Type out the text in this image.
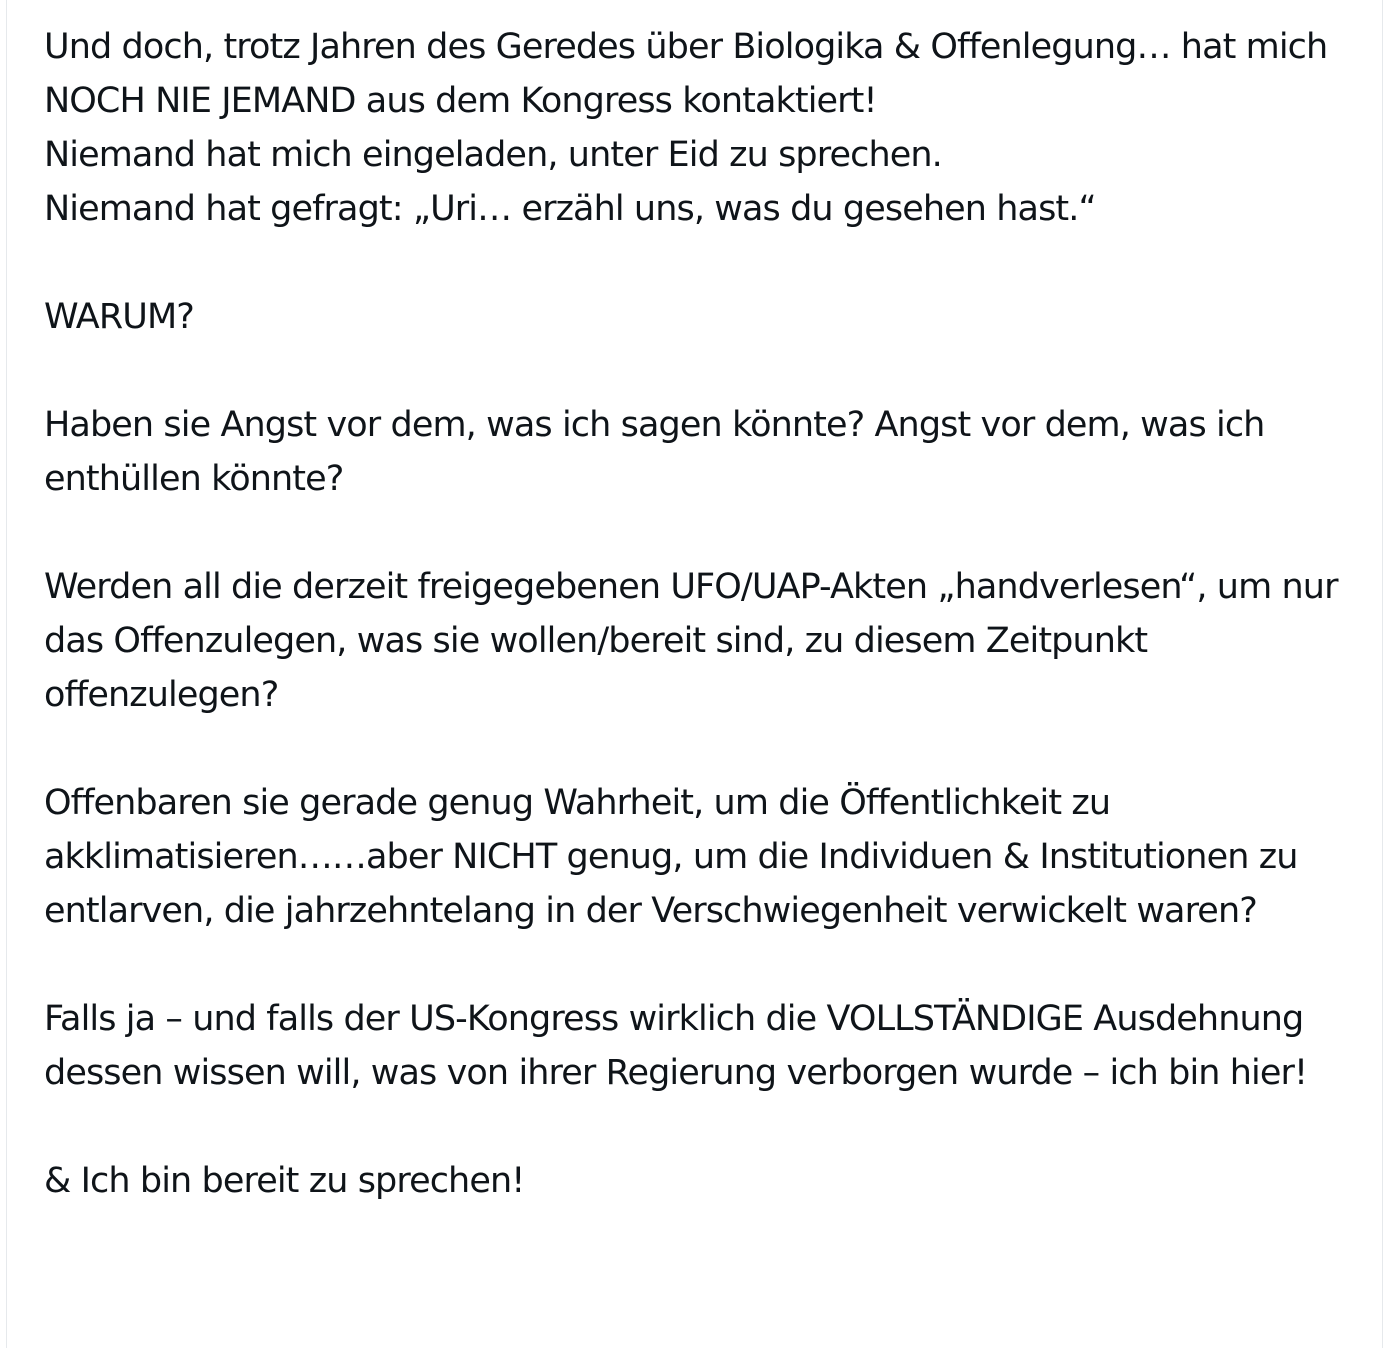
Und doch, trotz Jahren des Geredes über Biologika & Offenlegung… hat mich NOCH NIE JEMAND aus dem Kongress kontaktiert!
Niemand hat mich eingeladen, unter Eid zu sprechen.
Niemand hat gefragt: „Uri… erzähl uns, was du gesehen hast.“

WARUM?

Haben sie Angst vor dem, was ich sagen könnte? Angst vor dem, was ich enthüllen könnte?

Werden all die derzeit freigegebenen UFO/UAP-Akten „handverlesen“, um nur das Offenzulegen, was sie wollen/bereit sind, zu diesem Zeitpunkt offenzulegen?

Offenbaren sie gerade genug Wahrheit, um die Öffentlichkeit zu akklimatisieren……aber NICHT genug, um die Individuen & Institutionen zu entlarven, die jahrzehntelang in der Verschwiegenheit verwickelt waren?

Falls ja – und falls der US-Kongress wirklich die VOLLSTÄNDIGE Ausdehnung dessen wissen will, was von ihrer Regierung verborgen wurde – ich bin hier!

& Ich bin bereit zu sprechen!
